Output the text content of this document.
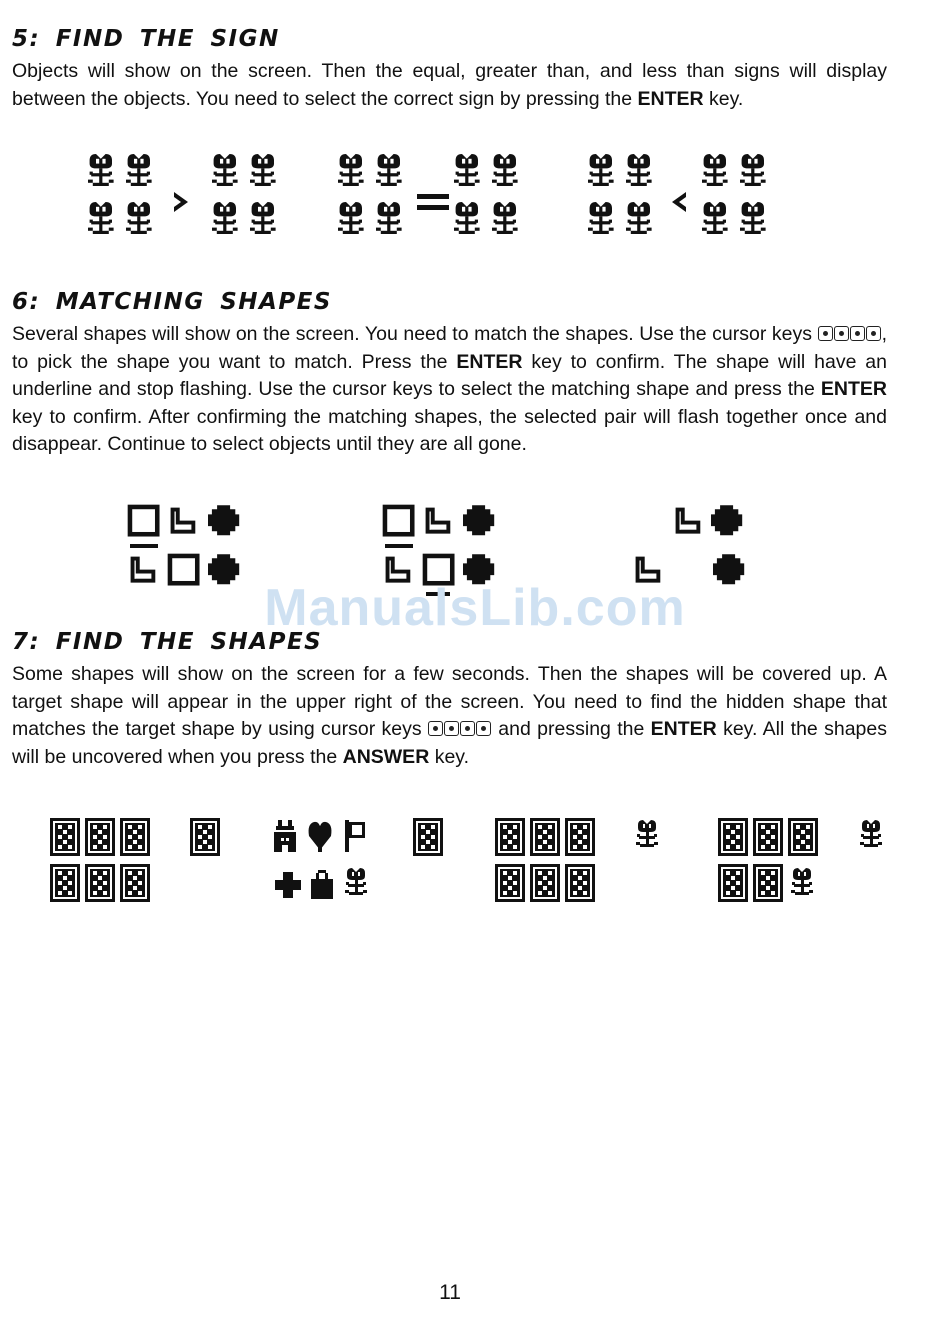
5: FIND THE SIGN

Objects will show on the screen. Then the equal, greater than, and less than signs will display between the objects. You need to select the correct sign by pressing the ENTER key.

6: MATCHING SHAPES

Several shapes will show on the screen. You need to match the shapes. Use the cursor keys	, to pick the shape you want to match. Press the ENTER key to confirm. The shape will have an underline and stop flashing. Use the cursor keys to select the matching shape and press the ENTER key to confirm. After confirming the matching shapes, the selected pair will flash together once and disappear. Continue to select objects until they are all gone.

ManualsLib.com
7: FIND THE SHAPES

Some shapes will show on the screen for a few seconds. Then the shapes will be covered up. A target shape will appear in the upper right of the screen. You need to find the hidden shape that matches the target shape by using cursor keys	and pressing the ENTER key. All the shapes will be uncovered when you press the ANSWER key.

11
